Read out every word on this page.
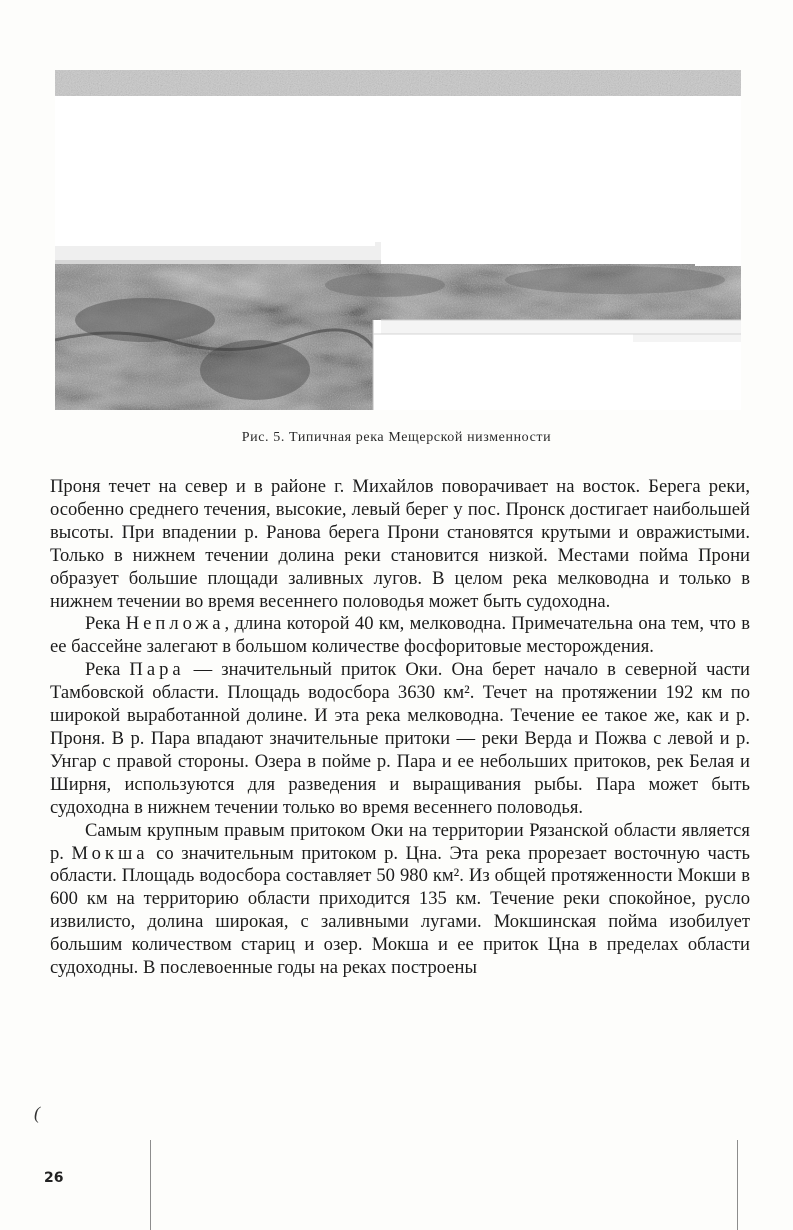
Рис. 5. Типичная река Мещерской низменности

Проня течет на север и в районе г. Михайлов поворачивает на восток. Берега реки, особенно среднего течения, высокие, левый берег у пос. Пронск достигает наибольшей высоты. При впадении р. Ранова берега Прони становятся крутыми и овражистыми. Только в нижнем течении долина реки становится низкой. Местами пойма Прони образует большие площади заливных лугов. В целом река мелководна и только в нижнем течении во время весеннего половодья может быть судоходна.

Река Непложа, длина которой 40 км, мелководна. Примечательна она тем, что в ее бассейне залегают в большом количестве фосфоритовые месторождения.

Река Пара — значительный приток Оки. Она берет начало в северной части Тамбовской области. Площадь водосбора 3630 км². Течет на протяжении 192 км по широкой выработанной долине. И эта река мелководна. Течение ее такое же, как и р. Проня. В р. Пара впадают значительные притоки — реки Верда и Пожва с левой и р. Унгар с правой стороны. Озера в пойме р. Пара и ее небольших притоков, рек Белая и Ширня, используются для разведения и выращивания рыбы. Пара может быть судоходна в нижнем течении только во время весеннего половодья.

Самым крупным правым притоком Оки на территории Рязанской области является р. Мокша со значительным притоком р. Цна. Эта река прорезает восточную часть области. Площадь водосбора составляет 50 980 км². Из общей протяженности Мокши в 600 км на территорию области приходится 135 км. Течение реки спокойное, русло извилисто, долина широкая, с заливными лугами. Мокшинская пойма изобилует большим количеством стариц и озер. Мокша и ее приток Цна в пределах области судоходны. В послевоенные годы на реках построены

(
26
